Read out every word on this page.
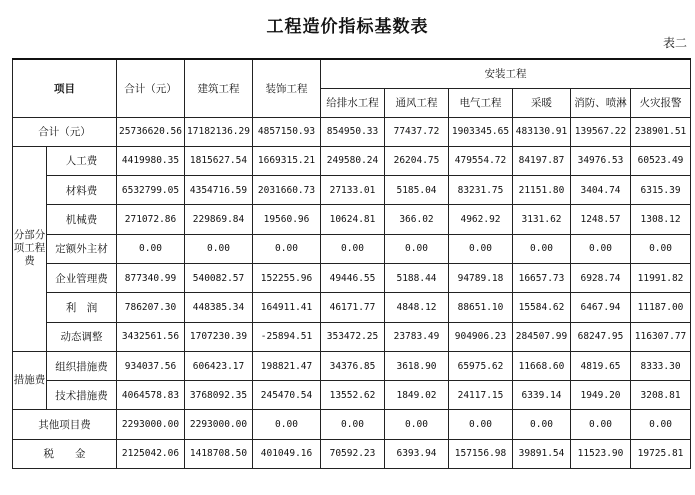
工程造价指标基数表
表二
项目		合计（元）	建筑工程	装饰工程	安装工程					
					给排水工程	通风工程	电气工程	采暖	消防、喷淋	火灾报警
合计（元）		25736620.56	17182136.29	4857150.93	854950.33	77437.72	1903345.65	483130.91	139567.22	238901.51
分部分项工程费	人工费	4419980.35	1815627.54	1669315.21	249580.24	26204.75	479554.72	84197.87	34976.53	60523.49
	材料费	6532799.05	4354716.59	2031660.73	27133.01	5185.04	83231.75	21151.80	3404.74	6315.39
	机械费	271072.86	229869.84	19560.96	10624.81	366.02	4962.92	3131.62	1248.57	1308.12
	定额外主材	0.00	0.00	0.00	0.00	0.00	0.00	0.00	0.00	0.00
	企业管理费	877340.99	540082.57	152255.96	49446.55	5188.44	94789.18	16657.73	6928.74	11991.82
	利　润	786207.30	448385.34	164911.41	46171.77	4848.12	88651.10	15584.62	6467.94	11187.00
	动态调整	3432561.56	1707230.39	-25894.51	353472.25	23783.49	904906.23	284507.99	68247.95	116307.77
措施费	组织措施费	934037.56	606423.17	198821.47	34376.85	3618.90	65975.62	11668.60	4819.65	8333.30
	技术措施费	4064578.83	3768092.35	245470.54	13552.62	1849.02	24117.15	6339.14	1949.20	3208.81
其他项目费		2293000.00	2293000.00	0.00	0.00	0.00	0.00	0.00	0.00	0.00
税　　金		2125042.06	1418708.50	401049.16	70592.23	6393.94	157156.98	39891.54	11523.90	19725.81
